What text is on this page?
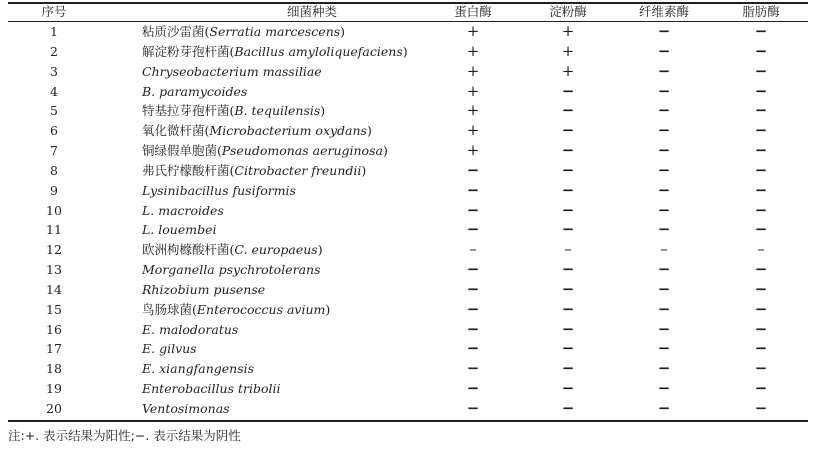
序号	细菌种类	蛋白酶	淀粉酶	纤维素酶	脂肪酶
1	粘质沙雷菌(Serratia marcescens)	+	+	−	−
2	解淀粉芽孢杆菌(Bacillus amyloliquefaciens)	+	+	−	−
3	Chryseobacterium massiliae	+	+	−	−
4	B. paramycoides	+	−	−	−
5	特基拉芽孢杆菌(B. tequilensis)	+	−	−	−
6	氧化微杆菌(Microbacterium oxydans)	+	−	−	−
7	铜绿假单胞菌(Pseudomonas aeruginosa)	+	−	−	−
8	弗氏柠檬酸杆菌(Citrobacter freundii)	−	−	−	−
9	Lysinibacillus fusiformis	−	−	−	−
10	L. macroides	−	−	−	−
11	L. louembei	−	−	−	−
12	欧洲枸橼酸杆菌(C. europaeus)	–	–	–	–
13	Morganella psychrotolerans	−	−	−	−
14	Rhizobium pusense	−	−	−	−
15	鸟肠球菌(Enterococcus avium)	−	−	−	−
16	E. malodoratus	−	−	−	−
17	E. gilvus	−	−	−	−
18	E. xiangfangensis	−	−	−	−
19	Enterobacillus tribolii	−	−	−	−
20	Ventosimonas	−	−	−	−
注:+. 表示结果为阳性;−. 表示结果为阴性
